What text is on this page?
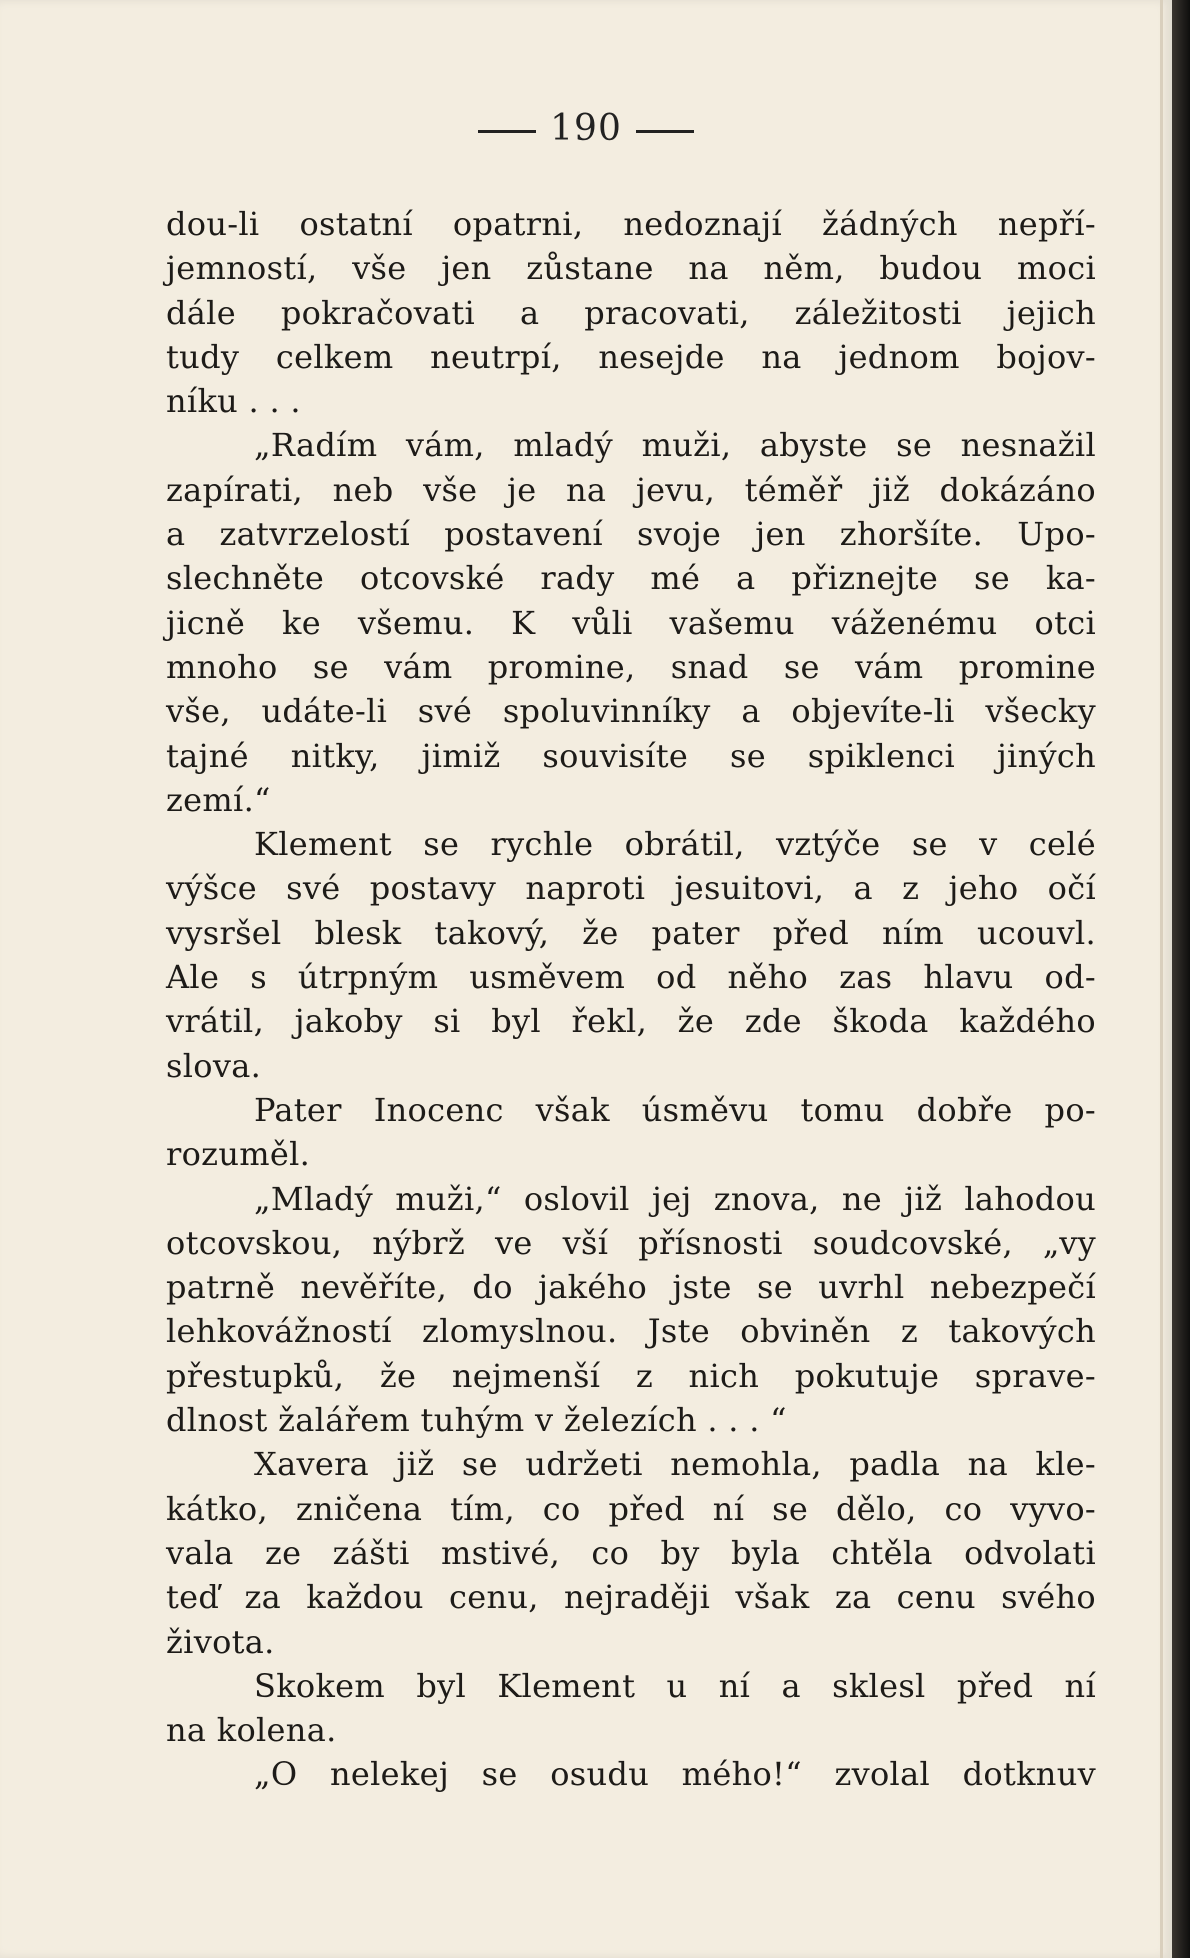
190
dou-li ostatní opatrni, nedoznají žádných nepří-
jemností, vše jen zůstane na něm, budou moci
dále pokračovati a pracovati, záležitosti jejich
tudy celkem neutrpí, nesejde na jednom bojov-
níku . . .
„Radím vám, mladý muži, abyste se nesnažil
zapírati, neb vše je na jevu, téměř již dokázáno
a zatvrzelostí postavení svoje jen zhoršíte. Upo-
slechněte otcovské rady mé a přiznejte se ka-
jicně ke všemu. K vůli vašemu váženému otci
mnoho se vám promine, snad se vám promine
vše, udáte-li své spoluvinníky a objevíte-li všecky
tajné nitky, jimiž souvisíte se spiklenci jiných
zemí.“
Klement se rychle obrátil, vztýče se v celé
výšce své postavy naproti jesuitovi, a z jeho očí
vysršel blesk takový, že pater před ním ucouvl.
Ale s útrpným usměvem od něho zas hlavu od-
vrátil, jakoby si byl řekl, že zde škoda každého
slova.
Pater Inocenc však úsměvu tomu dobře po-
rozuměl.
„Mladý muži,“ oslovil jej znova, ne již lahodou
otcovskou, nýbrž ve vší přísnosti soudcovské, „vy
patrně nevěříte, do jakého jste se uvrhl nebezpečí
lehkovážností zlomyslnou. Jste obviněn z takových
přestupků, že nejmenší z nich pokutuje sprave-
dlnost žalářem tuhým v železích . . . “
Xavera již se udržeti nemohla, padla na kle-
kátko, zničena tím, co před ní se dělo, co vyvo-
vala ze zášti mstivé, co by byla chtěla odvolati
teď za každou cenu, nejraději však za cenu svého
života.
Skokem byl Klement u ní a sklesl před ní
na kolena.
„O nelekej se osudu mého!“ zvolal dotknuv
